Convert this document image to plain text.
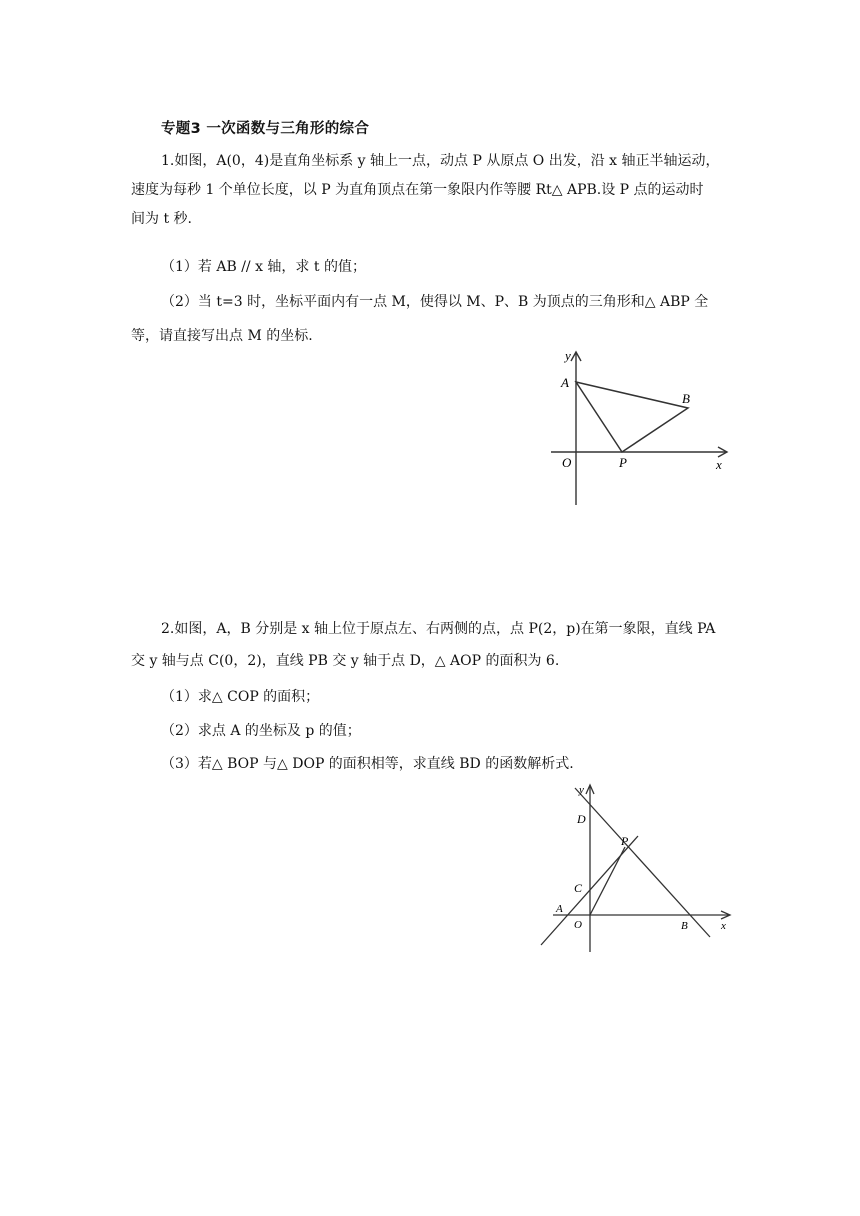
专题3 一次函数与三角形的综合
1.如图，A(0，4)是直角坐标系 y 轴上一点，动点 P 从原点 O 出发，沿 x 轴正半轴运动，
速度为每秒 1 个单位长度，以 P 为直角顶点在第一象限内作等腰 Rt△ APB.设 P 点的运动时
间为 t 秒.
（1）若 AB // x 轴，求 t 的值；
（2）当 t=3 时，坐标平面内有一点 M，使得以 M、P、B 为顶点的三角形和△ ABP 全
等，请直接写出点 M 的坐标.
y
A
B
O	P	x
2.如图，A，B 分别是 x 轴上位于原点左、右两侧的点，点 P(2，p)在第一象限，直线 PA
交 y 轴与点 C(0，2)，直线 PB 交 y 轴于点 D，△ AOP 的面积为 6.
（1）求△ COP 的面积；
（2）求点 A 的坐标及 p 的值；
（3）若△ BOP 与△ DOP 的面积相等，求直线 BD 的函数解析式.
y
D
P
C
A
O	B	x
